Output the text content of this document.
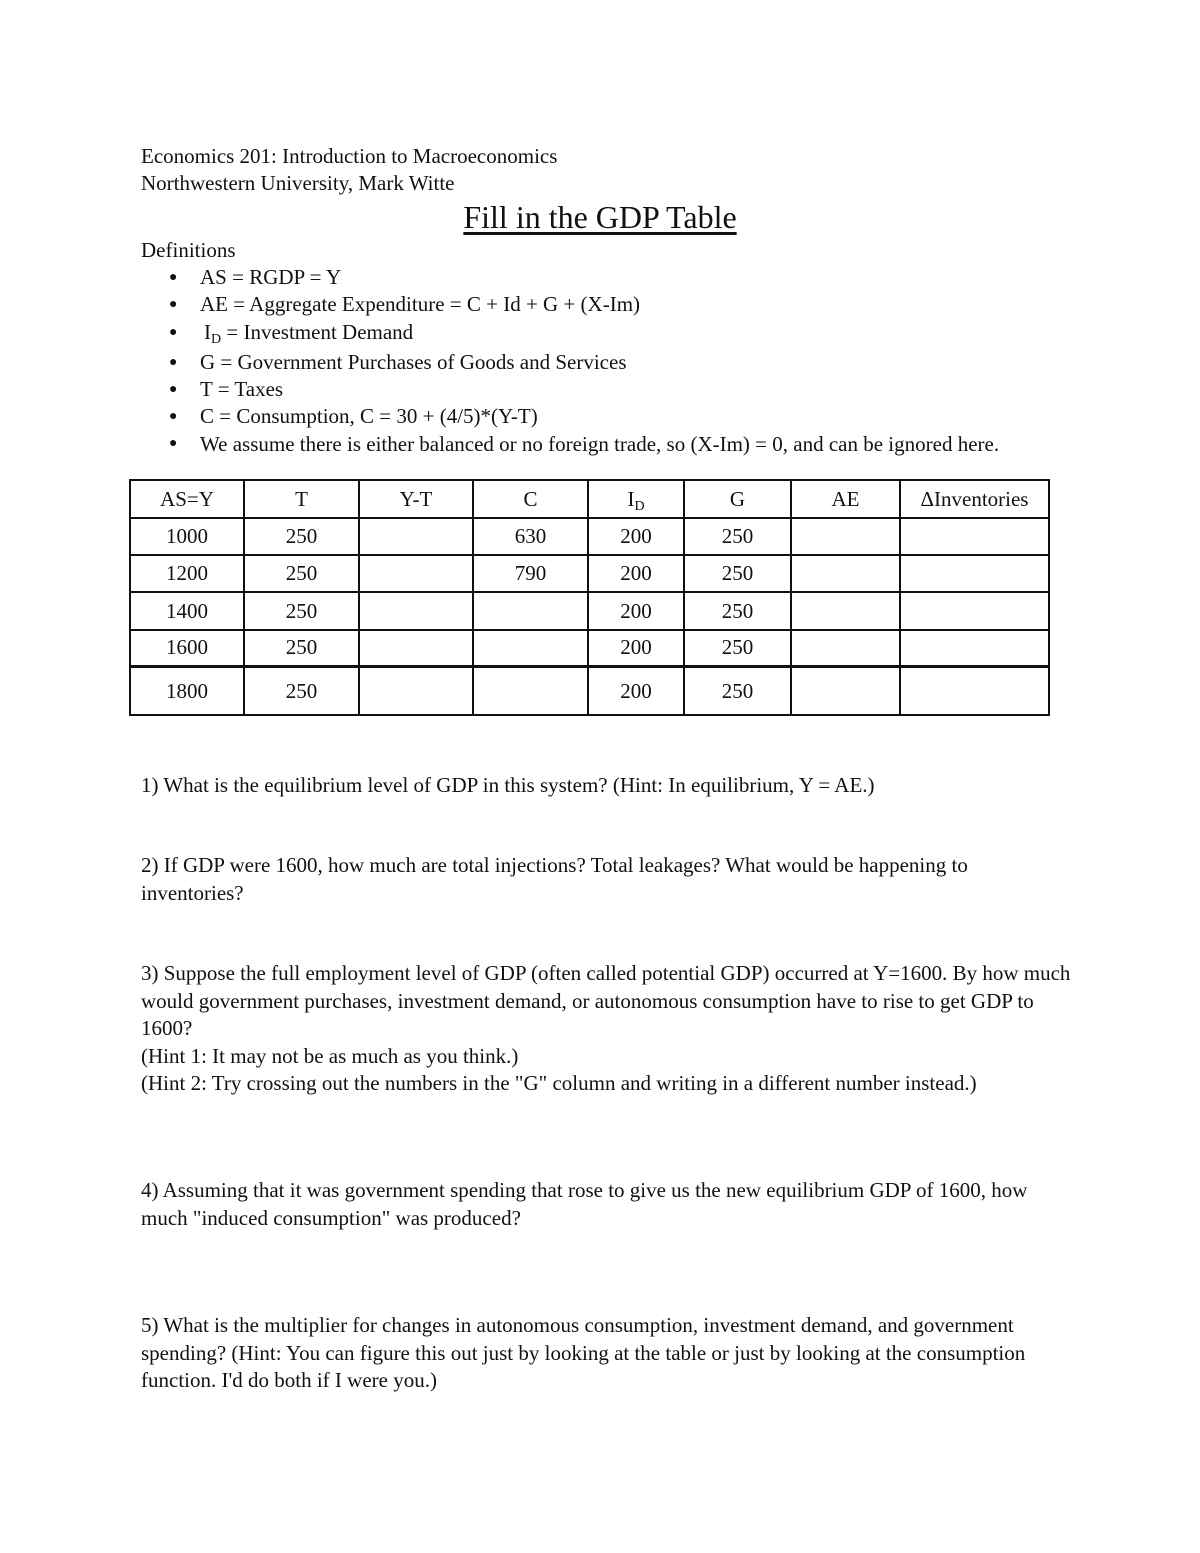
Economics 201: Introduction to Macroeconomics
Northwestern University, Mark Witte
Fill in the GDP Table
Definitions
● AS = RGDP = Y
● AE = Aggregate Expenditure = C + Id + G + (X-Im)
● ID = Investment Demand
● G = Government Purchases of Goods and Services
● T = Taxes
● C = Consumption, C = 30 + (4/5)*(Y-T)
● We assume there is either balanced or no foreign trade, so (X-Im) = 0, and can be ignored here.
AS=Y	T	Y-T	C	ID	G	AE	ΔInventories
1000	250		630	200	250		
1200	250		790	200	250		
1400	250			200	250		
1600	250			200	250		
1800	250			200	250		

1) What is the equilibrium level of GDP in this system? (Hint: In equilibrium, Y = AE.)

2) If GDP were 1600, how much are total injections? Total leakages? What would be happening to inventories?

3) Suppose the full employment level of GDP (often called potential GDP) occurred at Y=1600. By how much would government purchases, investment demand, or autonomous consumption have to rise to get GDP to 1600?

(Hint 1: It may not be as much as you think.)

(Hint 2: Try crossing out the numbers in the "G" column and writing in a different number instead.)

4) Assuming that it was government spending that rose to give us the new equilibrium GDP of 1600, how much "induced consumption" was produced?

5) What is the multiplier for changes in autonomous consumption, investment demand, and government spending? (Hint: You can figure this out just by looking at the table or just by looking at the consumption function. I'd do both if I were you.)
